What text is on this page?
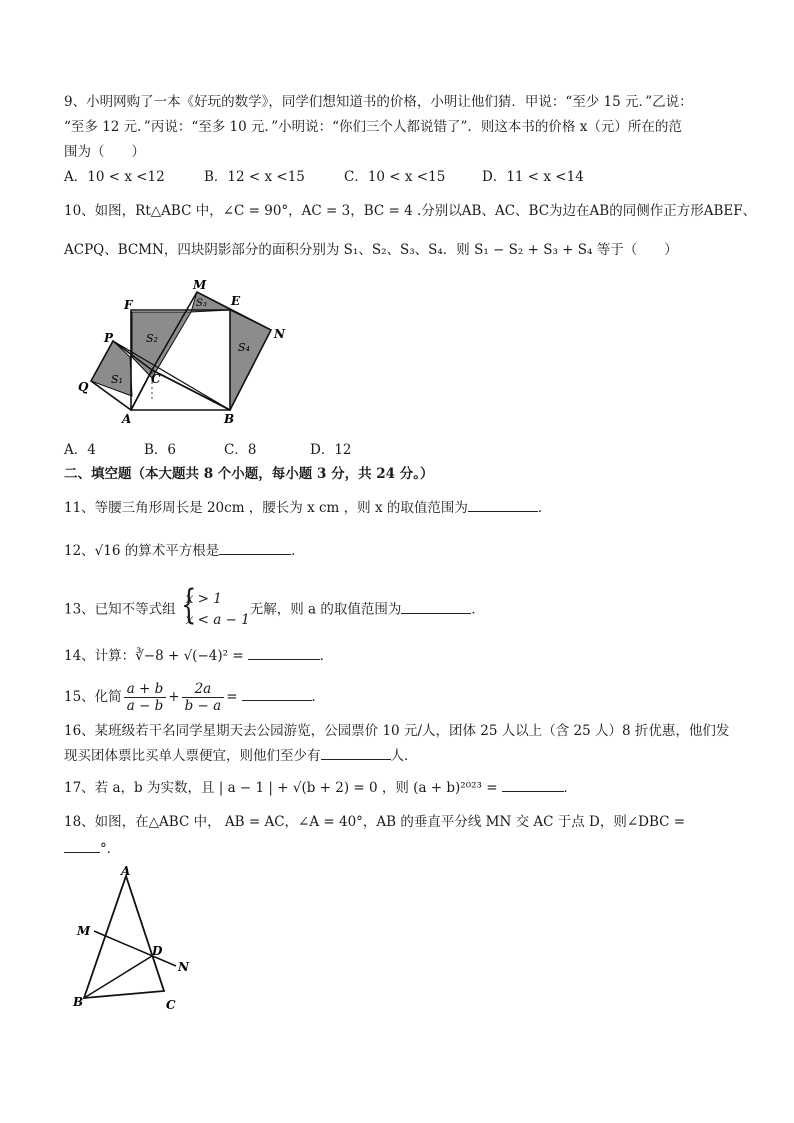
9、小明网购了一本《好玩的数学》，同学们想知道书的价格，小明让他们猜．甲说：“至少 15 元．”乙说：
“至多 12 元．”丙说：“至多 10 元．”小明说：“你们三个人都说错了”．则这本书的价格 x（元）所在的范
围为（　　）
A．10 < x <12	B．12 < x <15	C．10 < x <15	D．11 < x <14
10、如图，Rt△ABC 中，∠C = 90°，AC = 3，BC = 4 .分别以AB、AC、BC为边在AB的同侧作正方形ABEF、
ACPQ、BCMN，四块阴影部分的面积分别为 S₁、S₂、S₃、S₄．则 S₁ − S₂ + S₃ + S₄ 等于（　　）
F
M
E
N
P
Q
C
A	B
S₁
S₂
S₃
S₄
A．4	B．6	C．8	D．12
二、填空题（本大题共 8 个小题，每小题 3 分，共 24 分。）
11、等腰三角形周长是 20cm ，腰长为 x cm ，则 x 的取值范围为	．
12、√16 的算术平方根是	．
13、已知不等式组 {
x > 1
x < a − 1
无解，则 a 的取值范围为	．
14、计算：∛−8 + √(−4)² =	．
15、化简 $\frac{a + b}{a - b} + \frac{2a}{b - a}$ =	．
16、某班级若干名同学星期天去公园游览，公园票价 10 元/人，团体 25 人以上（含 25 人）8 折优惠，他们发
现买团体票比买单人票便宜，则他们至少有	人．
17、若 a，b 为实数，且 | a − 1 | + √(b + 2) = 0 ，则 (a + b)²⁰²³ =	．
18、如图，在△ABC 中， AB = AC，∠A = 40°，AB 的垂直平分线 MN 交 AC 于点 D，则∠DBC =
°．
A
M
D
N
B	C
